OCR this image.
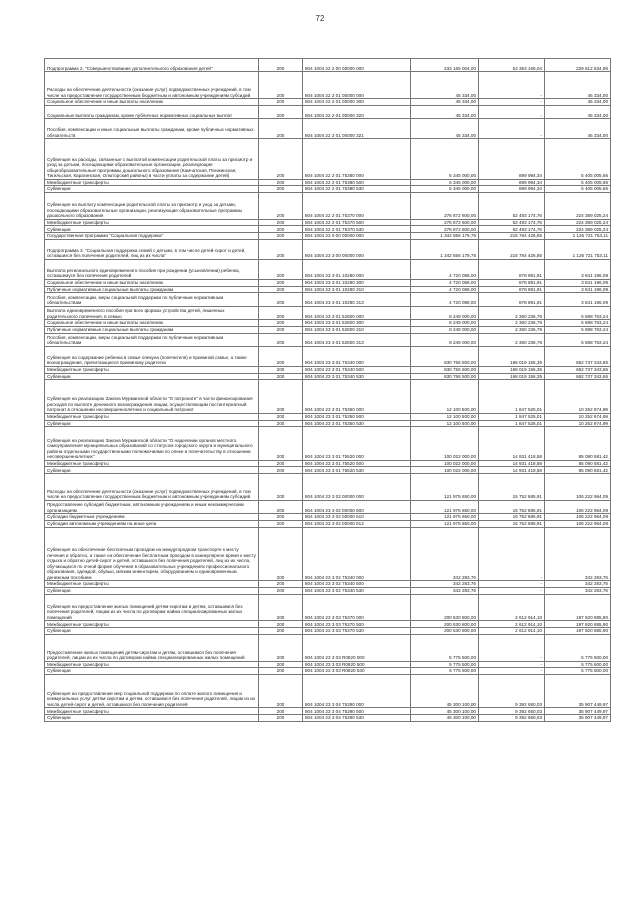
72
Подпрограмма 2. "Совершенствование дополнительного образования детей"	200	804 1004 22 2 00 00000 000	233 165 004,00	53 353 169,04	229 812 834,96
Расходы на обеспечение деятельности (оказание услуг) подведомственных учреждений, в том числе на предоставление государственным бюджетным и автономным учреждениям субсидий	200	804 1004 22 2 01 00000 000	45 334,00	-	45 334,00
Социальное обеспечение и иные выплаты населению	200	804 1004 22 2 01 00000 300	45 334,00	-	45 334,00
Социальные выплаты гражданам, кроме публичных нормативных социальных выплат	200	804 1004 22 2 01 00000 320	45 334,00	-	45 334,00
Пособия, компенсации и иные социальные выплаты гражданам, кроме публичных нормативных обязательств	200	804 1004 22 2 01 00000 321	45 334,00	-	45 334,00
Субвенция на расходы, связанные с выплатой компенсации родительской платы за присмотр и уход за детьми, посещающими образовательные организации, реализующие общеобразовательные программы дошкольного образования (Камчатская, Пенжинская, Тигильская, Карагинская, Олюторский районы) в части уплаты за содержание детей)	200	804 1004 22 2 01 75380 000	6 345 000,00	899 994,34	5 405 005,66
Межбюджетные трансферты	200	804 1004 22 2 01 75380 500	6 345 000,00	899 994,34	5 405 005,66
Субвенции	200	804 1004 22 2 01 75380 530	6 345 000,00	899 994,34	5 405 005,66
Субвенция на выплату компенсации родительской платы за присмотр и уход за детьми, посещающими образовательные организации, реализующие образовательные программы дошкольного образования	200	804 1004 22 2 01 75370 000	276 872 600,00	52 493 174,76	224 389 025,24
Межбюджетные трансферты	200	804 1004 22 2 01 75370 500	276 872 600,00	52 493 174,76	224 389 025,24
Субвенции	200	804 1004 22 2 01 75370 530	276 872 600,00	52 493 174,76	224 389 025,24
Государственная программа "Социальная поддержка"	200	804 1004 23 0 00 00000 000	1 342 556 179,76	215 784 426,85	1 126 721 753,11
Подпрограмма 3. "Социальная поддержка семей с детьми, в том числе детей-сирот и детей, оставшихся без попечения родителей, лиц из их числа"	200	804 1004 23 3 00 00000 000	1 342 556 179,76	215 784 426,85	1 126 721 753,11
Выплата регионального единовременного пособия при рождении (усыновлении) ребенка, оставшемуся без попечения родителей	200	804 1004 23 3 01 10280 000	4 720 088,00	878 891,91	3 841 196,09
Социальное обеспечение и иные выплаты населению	200	804 1004 23 3 01 10280 300	4 720 088,00	878 891,91	3 841 196,09
Публичные нормативные социальные выплаты гражданам	200	804 1004 23 3 01 10280 310	4 720 088,00	878 891,91	3 841 196,09
Пособия, компенсации, меры социальной поддержки по публичным нормативным обязательствам	200	804 1004 23 3 01 10280 313	4 720 088,00	878 891,91	3 841 196,09
Выплата единовременного пособия при всех формах устройства детей, лишенных родительского попечения, в семью	200	804 1004 23 3 01 52600 000	8 249 000,00	2 360 236,76	5 888 763,24
Социальное обеспечение и иные выплаты населению	200	804 1004 23 3 01 52600 300	8 249 000,00	2 360 236,76	5 888 763,24
Публичные нормативные социальные выплаты гражданам	200	804 1004 23 3 01 52600 310	8 249 000,00	2 360 236,76	5 888 763,24
Пособия, компенсации, меры социальной поддержки по публичным нормативным обязательствам	200	804 1004 23 3 01 52600 313	8 249 000,00	2 360 236,76	5 888 763,24
Субвенция на содержание ребенка в семье опекуна (попечителя) и приемной семье, а также вознаграждение, причитающееся приемному родителю	200	804 1004 23 3 01 75340 000	830 756 500,00	168 019 156,35	662 737 343,65
Межбюджетные трансферты	200	804 1004 23 3 01 75340 500	830 756 500,00	168 019 156,35	662 737 343,65
Субвенции	200	804 1004 23 3 01 75340 530	830 756 500,00	168 019 156,35	662 737 343,65
Субвенция на реализацию Закона Мурманской области "О патронате" в части финансирования расходов по выплате денежного вознаграждения лицам, осуществляющим постинтернатный патронат в отношении несовершеннолетних и социальный патронат	200	804 1004 23 3 01 75350 000	12 100 500,00	1 847 525,01	10 252 974,99
Межбюджетные трансферты	200	804 1004 23 3 01 75350 500	12 100 500,00	1 847 525,01	10 252 974,99
Субвенции	200	804 1004 23 3 01 75350 530	12 100 500,00	1 847 525,01	10 252 974,99
Субвенция на реализацию Закона Мурманской области "О наделении органов местного самоуправления муниципальных образований со статусом городского округа и муниципального района отдельными государственными полномочиями по опеке и попечительству в отношении несовершеннолетних"	200	804 1004 23 3 01 75520 000	100 022 000,00	14 931 418,58	85 090 581,42
Межбюджетные трансферты	200	804 1004 23 3 01 75520 500	100 022 000,00	14 931 418,58	85 090 581,42
Субвенции	200	804 1004 23 3 01 75520 530	100 022 000,00	14 931 418,58	85 090 581,42
Расходы на обеспечение деятельности (оказание услуг) подведомственных учреждений, в том числе на предоставление государственным бюджетным и автономным учреждениям субсидий	200	804 1004 23 3 02 00000 000	121 975 650,00	15 752 685,91	106 222 964,09
Предоставление субсидий бюджетным, автономным учреждениям и иным некоммерческим организациям	200	804 1004 23 3 02 00000 600	121 975 650,00	15 752 685,91	106 222 964,09
Субсидии бюджетным учреждениям	200	804 1004 23 3 02 00000 610	121 975 650,00	15 752 685,91	106 222 964,09
Субсидии автономным учреждениям на иные цели	200	804 1004 23 3 02 00000 612	121 975 650,00	15 752 685,91	106 222 964,09
Субвенция на обеспечение бесплатным проездом на междугородном транспорте к месту лечения и обратно, а также на обеспечение бесплатным проездом в каникулярное время к месту отдыха и обратно детей-сирот и детей, оставшихся без попечения родителей, лиц из их числа, обучающихся по очной форме обучения в образовательных учреждениях профессионального образования, одеждой, обувью, мягким инвентарем, оборудованием и единовременным денежным пособием	200	804 1004 23 3 02 75340 000	342 283,76	-	342 283,76
Межбюджетные трансферты	200	804 1004 23 3 02 75340 500	342 283,76	-	342 283,76
Субвенции	200	804 1004 23 3 02 75340 530	342 283,76	-	342 283,76
Субвенция на предоставление жилых помещений детям-сиротам и детям, оставшимся без попечения родителей, лицам из их числа по договорам найма специализированных жилых помещений	200	804 1004 23 3 03 75370 000	200 530 800,00	2 612 914,10	197 920 885,90
Межбюджетные трансферты	200	804 1004 23 3 03 75370 500	200 530 800,00	2 612 914,10	197 920 885,90
Субвенции	200	804 1004 23 3 03 75370 530	200 530 800,00	2 612 914,10	197 920 885,90
Предоставление жилых помещений детям-сиротам и детям, оставшимся без попечения родителей, лицам из их числа по договорам найма специализированных жилых помещений	200	804 1004 23 3 03 R0820 000	5 775 500,00	-	5 775 500,00
Межбюджетные трансферты	200	804 1004 23 3 03 R0820 500	5 775 500,00	-	5 775 500,00
Субвенции	200	804 1004 23 3 03 R0820 530	5 775 500,00	-	5 775 500,00
Субвенция на предоставление мер социальной поддержки по оплате жилого помещения и коммунальных услуг детям-сиротам и детям, оставшимся без попечения родителей, лицам из их числа детей-сирот и детей, оставшихся без попечения родителей	200	804 1004 23 3 04 75390 000	45 300 100,00	9 392 650,03	35 907 449,97
Межбюджетные трансферты	200	804 1004 23 3 04 75390 500	45 300 100,00	9 392 650,03	35 907 449,97
Субвенции	200	804 1004 23 3 04 75390 530	45 300 100,00	9 392 650,03	35 907 449,97
